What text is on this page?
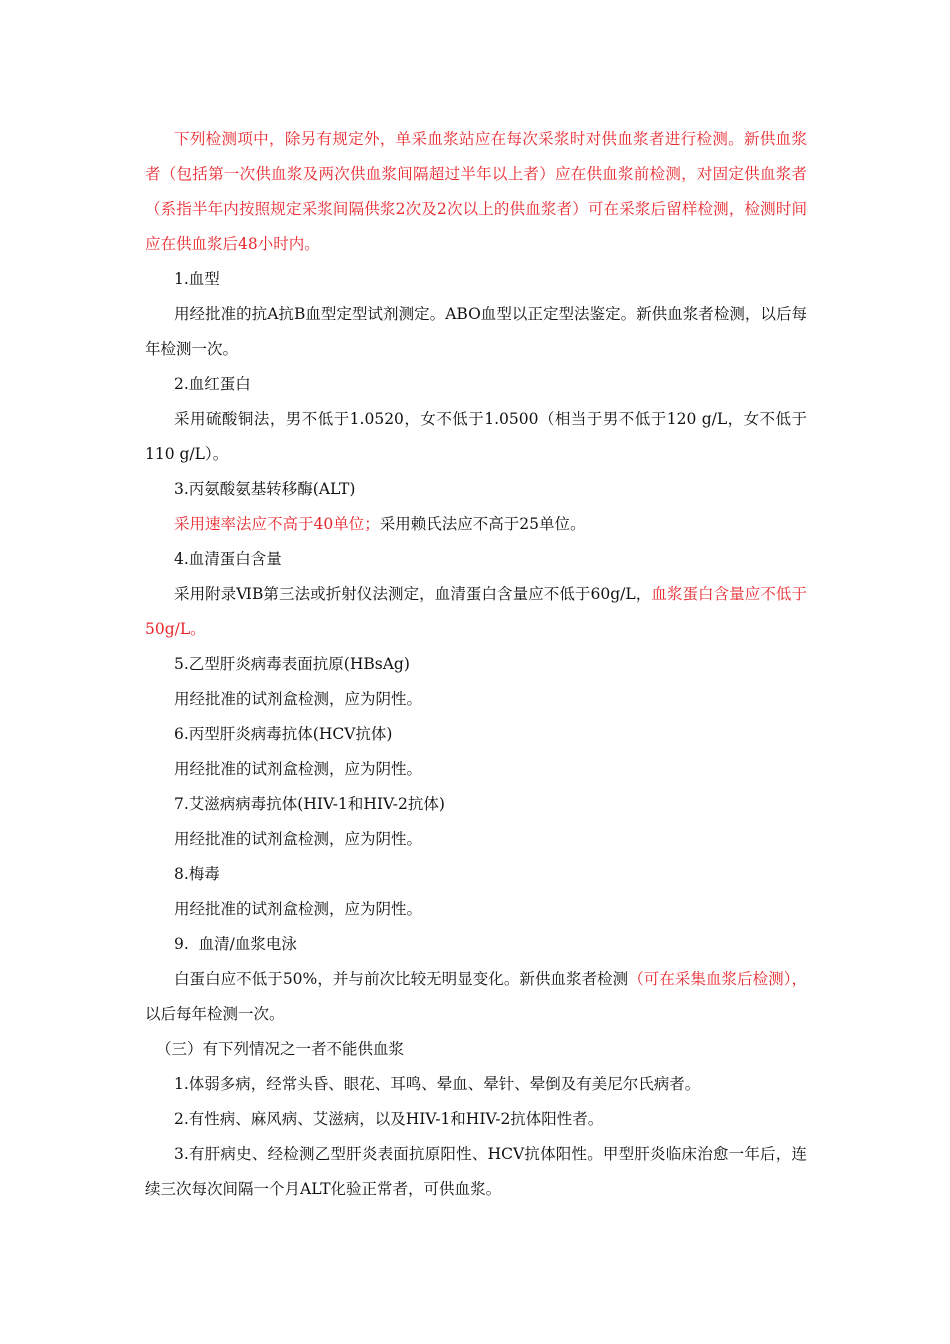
下列检测项中，除另有规定外，单采血浆站应在每次采浆时对供血浆者进行检测。新供血浆者（包括第一次供血浆及两次供血浆间隔超过半年以上者）应在供血浆前检测，对固定供血浆者（系指半年内按照规定采浆间隔供浆2次及2次以上的供血浆者）可在采浆后留样检测，检测时间应在供血浆后48小时内。

1.血型

用经批准的抗A抗B血型定型试剂测定。ABO血型以正定型法鉴定。新供血浆者检测，以后每年检测一次。

2.血红蛋白

采用硫酸铜法，男不低于1.0520，女不低于1.0500（相当于男不低于120 g/L，女不低于110 g/L）。

3.丙氨酸氨基转移酶(ALT)

采用速率法应不高于40单位；采用赖氏法应不高于25单位。

4.血清蛋白含量

采用附录ⅥB第三法或折射仪法测定，血清蛋白含量应不低于60g/L，血浆蛋白含量应不低于50g/L。

5.乙型肝炎病毒表面抗原(HBsAg)

用经批准的试剂盒检测，应为阴性。

6.丙型肝炎病毒抗体(HCV抗体)

用经批准的试剂盒检测，应为阴性。

7.艾滋病病毒抗体(HIV-1和HIV-2抗体)

用经批准的试剂盒检测，应为阴性。

8.梅毒

用经批准的试剂盒检测，应为阴性。

9.  血清/血浆电泳

白蛋白应不低于50%，并与前次比较无明显变化。新供血浆者检测（可在采集血浆后检测），以后每年检测一次。

（三）有下列情况之一者不能供血浆

1.体弱多病，经常头昏、眼花、耳鸣、晕血、晕针、晕倒及有美尼尔氏病者。

2.有性病、麻风病、艾滋病，以及HIV-1和HIV-2抗体阳性者。

3.有肝病史、经检测乙型肝炎表面抗原阳性、HCV抗体阳性。甲型肝炎临床治愈一年后，连续三次每次间隔一个月ALT化验正常者，可供血浆。
